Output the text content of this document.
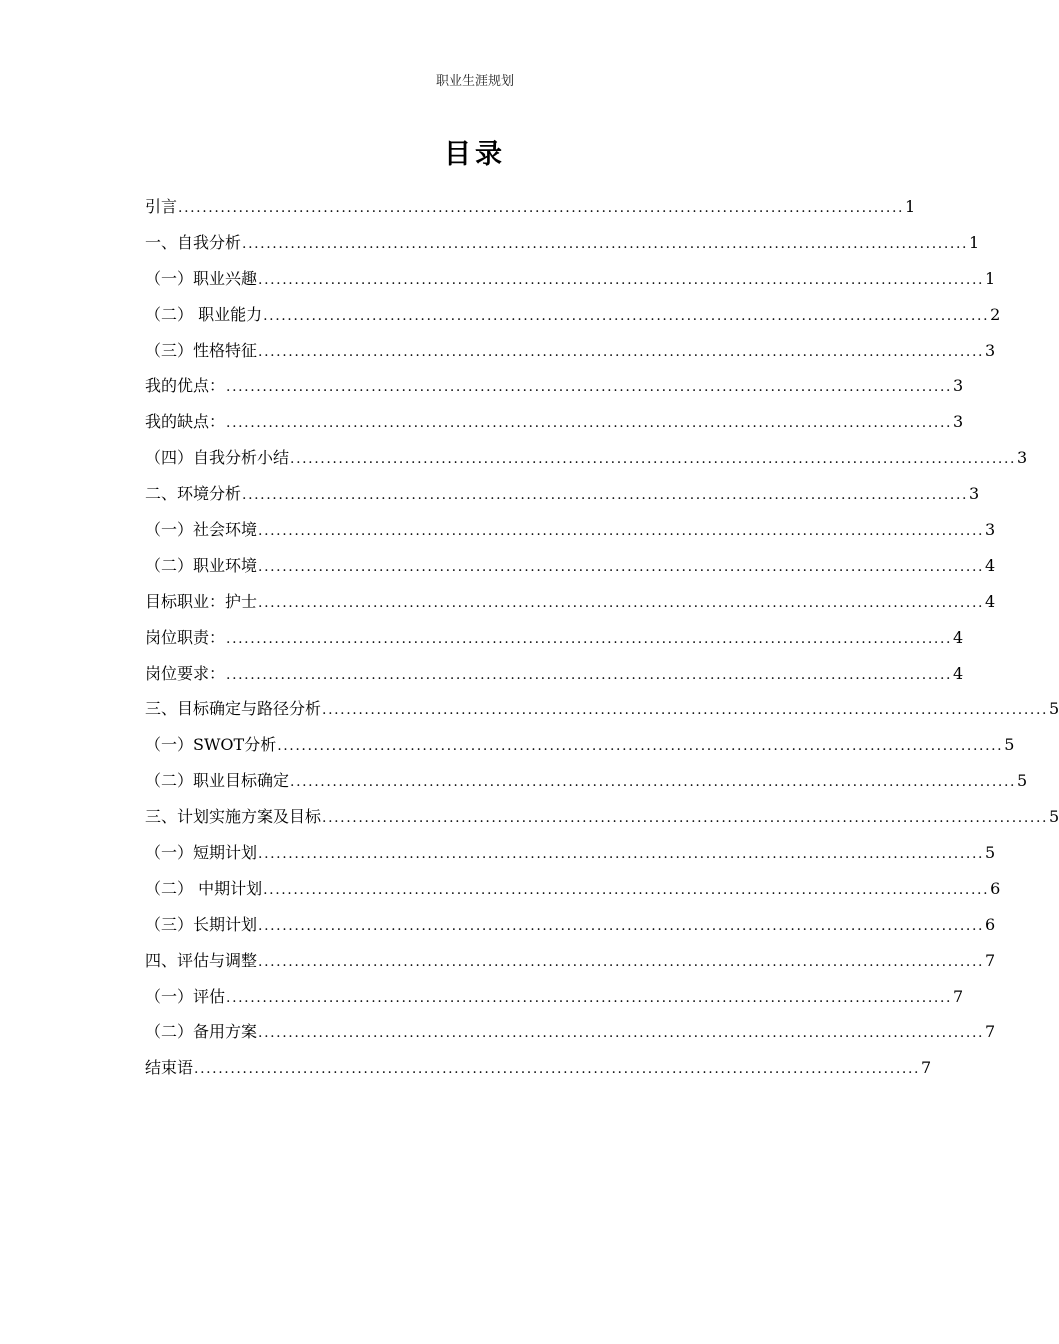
职业生涯规划
目录
引言 ........................................................................................................................ 1
一、自我分析 ........................................................................................................................ 1
（一）职业兴趣 ........................................................................................................................ 1
（二） 职业能力 ........................................................................................................................ 2
（三）性格特征 ........................................................................................................................ 3
我的优点： ........................................................................................................................ 3
我的缺点： ........................................................................................................................ 3
（四）自我分析小结 ........................................................................................................................ 3
二、环境分析 ........................................................................................................................ 3
（一）社会环境 ........................................................................................................................ 3
（二）职业环境 ........................................................................................................................ 4
目标职业：护士 ........................................................................................................................ 4
岗位职责： ........................................................................................................................ 4
岗位要求： ........................................................................................................................ 4
三、目标确定与路径分析 ........................................................................................................................ 5
（一）SWOT分析 ........................................................................................................................ 5
（二）职业目标确定 ........................................................................................................................ 5
三、计划实施方案及目标 ........................................................................................................................ 5
（一）短期计划 ........................................................................................................................ 5
（二） 中期计划 ........................................................................................................................ 6
（三）长期计划 ........................................................................................................................ 6
四、评估与调整 ........................................................................................................................ 7
（一）评估 ........................................................................................................................ 7
（二）备用方案 ........................................................................................................................ 7
结束语 ........................................................................................................................ 7
